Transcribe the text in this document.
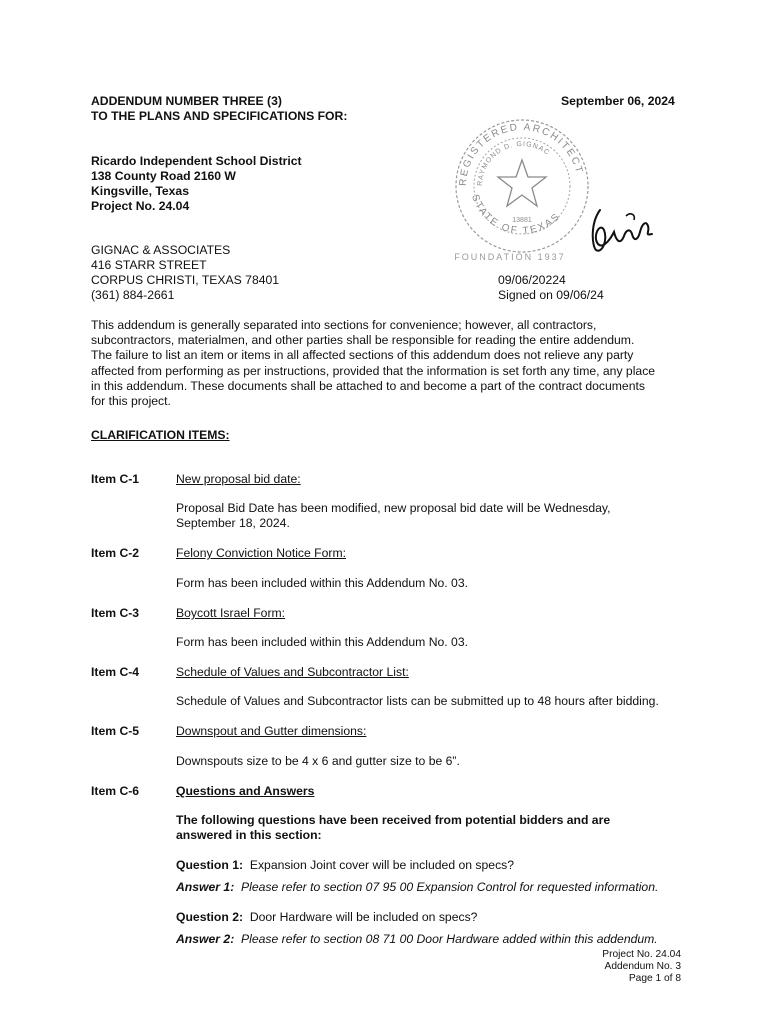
ADDENDUM NUMBER THREE (3)
TO THE PLANS AND SPECIFICATIONS FOR:
September 06, 2024
Ricardo Independent School District
138 County Road 2160 W
Kingsville, Texas
Project No. 24.04
GIGNAC & ASSOCIATES
416 STARR STREET
CORPUS CHRISTI, TEXAS 78401
(361) 884-2661
REGISTERED ARCHITECT
RAYMOND D. GIGNAC
13881
STATE OF TEXAS
FOUNDATION 1937
09/06/20224
Signed on 09/06/24
This addendum is generally separated into sections for convenience; however, all contractors,
subcontractors, materialmen, and other parties shall be responsible for reading the entire addendum.
The failure to list an item or items in all affected sections of this addendum does not relieve any party
affected from performing as per instructions, provided that the information is set forth any time, any place
in this addendum. These documents shall be attached to and become a part of the contract documents
for this project.
CLARIFICATION ITEMS:
Item C-1	New proposal bid date:
Proposal Bid Date has been modified, new proposal bid date will be Wednesday,
September 18, 2024.
Item C-2	Felony Conviction Notice Form:
Form has been included within this Addendum No. 03.
Item C-3	Boycott Israel Form:
Form has been included within this Addendum No. 03.
Item C-4	Schedule of Values and Subcontractor List:
Schedule of Values and Subcontractor lists can be submitted up to 48 hours after bidding.
Item C-5	Downspout and Gutter dimensions:
Downspouts size to be 4 x 6 and gutter size to be 6”.
Item C-6	Questions and Answers
The following questions have been received from potential bidders and are
answered in this section:
Question 1: Expansion Joint cover will be included on specs?
Answer 1: Please refer to section 07 95 00 Expansion Control for requested information.
Question 2: Door Hardware will be included on specs?
Answer 2: Please refer to section 08 71 00 Door Hardware added within this addendum.
Project No. 24.04
Addendum No. 3
Page 1 of 8
